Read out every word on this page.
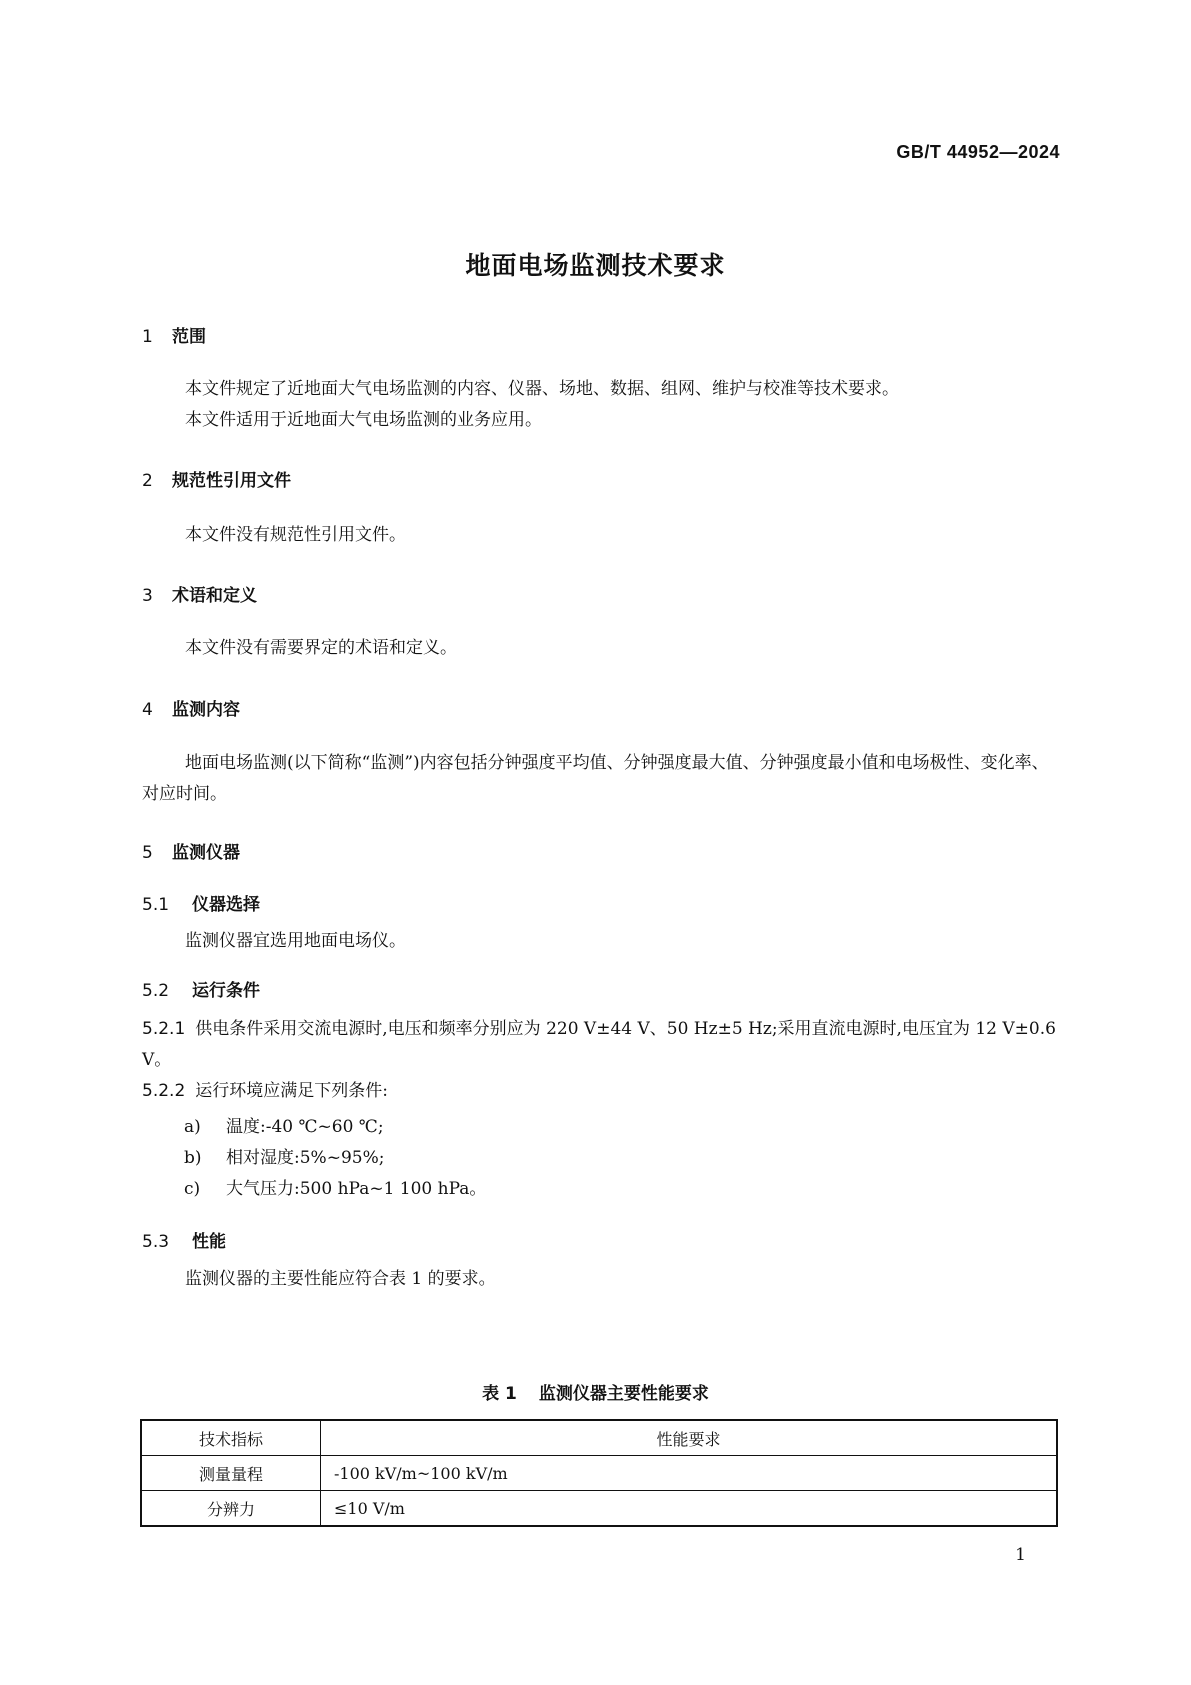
GB/T 44952—2024
地面电场监测技术要求
1 范围
本文件规定了近地面大气电场监测的内容、仪器、场地、数据、组网、维护与校准等技术要求。
本文件适用于近地面大气电场监测的业务应用。
2 规范性引用文件
本文件没有规范性引用文件。
3 术语和定义
本文件没有需要界定的术语和定义。
4 监测内容
地面电场监测(以下简称“监测”)内容包括分钟强度平均值、分钟强度最大值、分钟强度最小值和电场极性、变化率、对应时间。
5 监测仪器
5.1 仪器选择
监测仪器宜选用地面电场仪。
5.2 运行条件
5.2.1 供电条件采用交流电源时,电压和频率分别应为 220 V±44 V、50 Hz±5 Hz;采用直流电源时,电压宜为 12 V±0.6 V。
5.2.2 运行环境应满足下列条件:
a) 温度:-40 ℃~60 ℃;
b) 相对湿度:5%~95%;
c) 大气压力:500 hPa~1 100 hPa。
5.3 性能
监测仪器的主要性能应符合表 1 的要求。
表 1 监测仪器主要性能要求
技术指标	性能要求
测量量程	-100 kV/m~100 kV/m
分辨力	≤10 V/m
1
